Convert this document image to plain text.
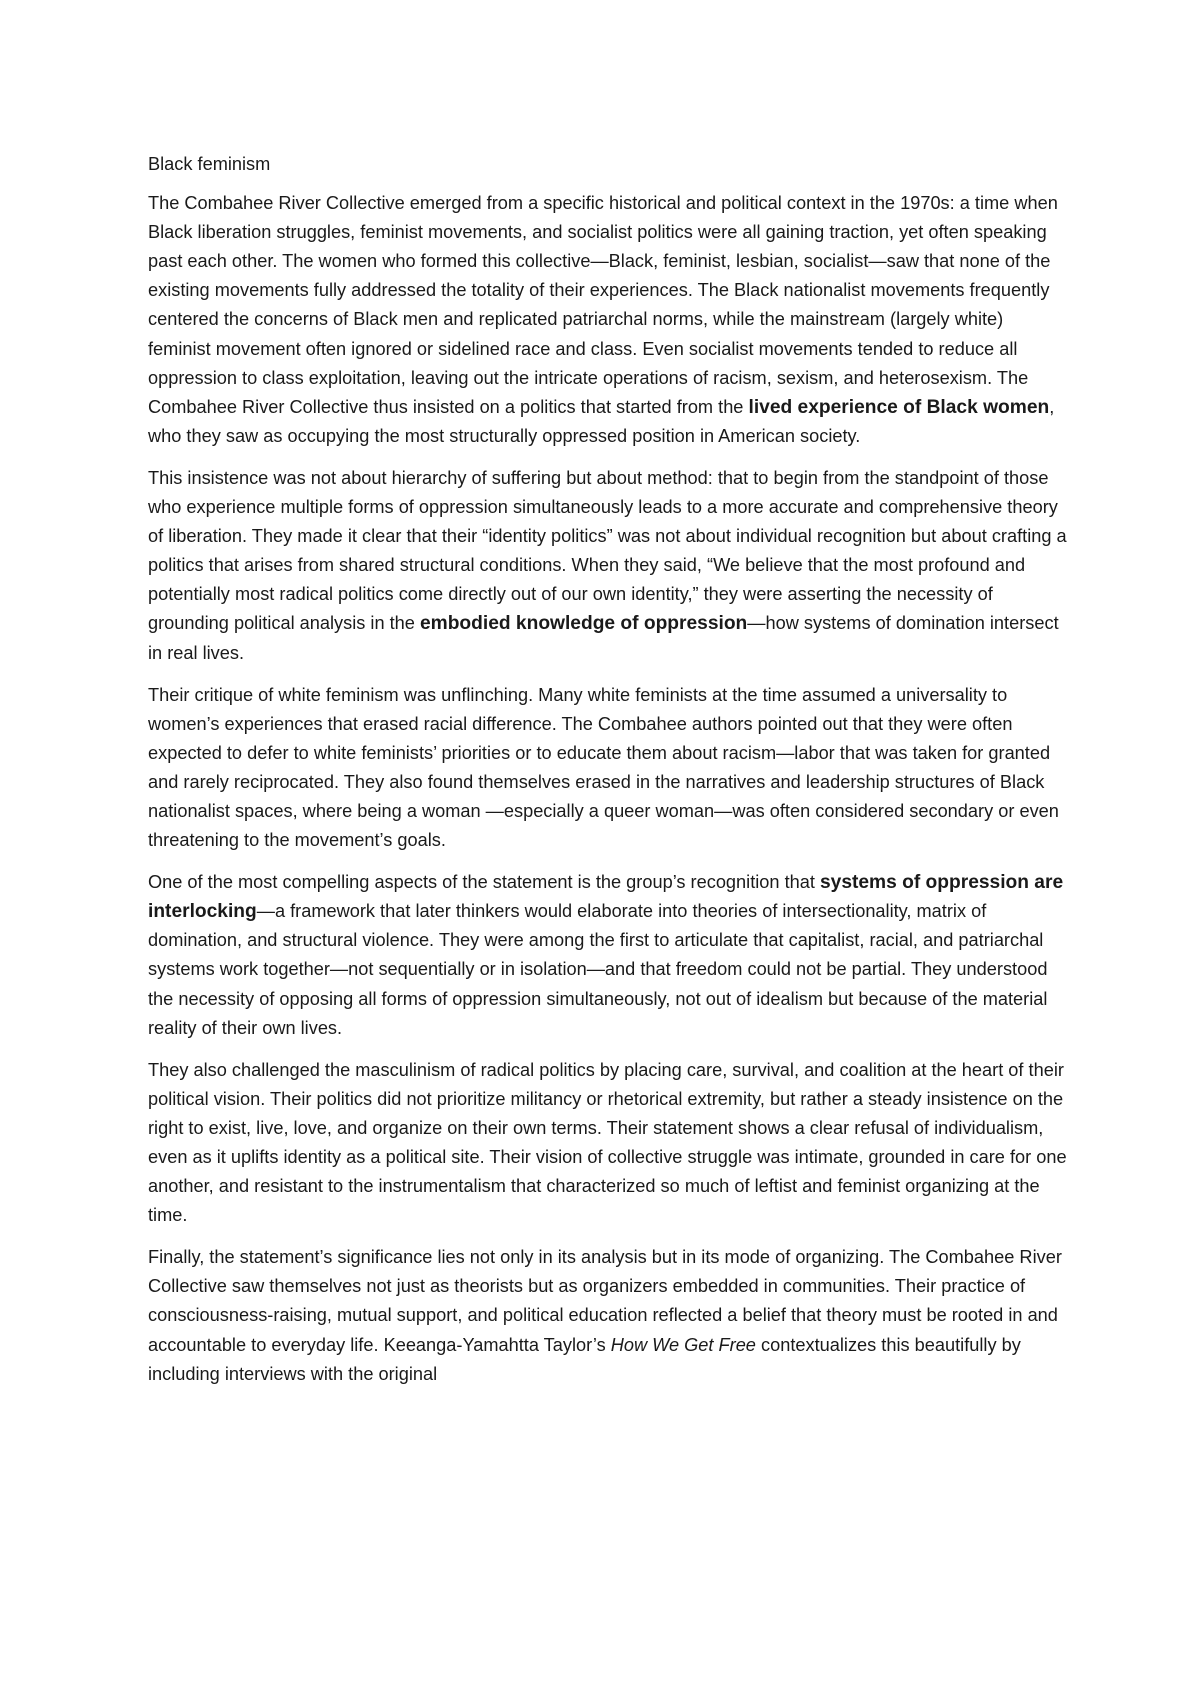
Black feminism

The Combahee River Collective emerged from a specific historical and political context in the 1970s: a time when Black liberation struggles, feminist movements, and socialist politics were all gaining traction, yet often speaking past each other. The women who formed this collective—Black, feminist, lesbian, socialist—saw that none of the existing movements fully addressed the totality of their experiences. The Black nationalist movements frequently centered the concerns of Black men and replicated patriarchal norms, while the mainstream (largely white) feminist movement often ignored or sidelined race and class. Even socialist movements tended to reduce all oppression to class exploitation, leaving out the intricate operations of racism, sexism, and heterosexism. The Combahee River Collective thus insisted on a politics that started from the lived experience of Black women, who they saw as occupying the most structurally oppressed position in American society.

This insistence was not about hierarchy of suffering but about method: that to begin from the standpoint of those who experience multiple forms of oppression simultaneously leads to a more accurate and comprehensive theory of liberation. They made it clear that their “identity politics” was not about individual recognition but about crafting a politics that arises from shared structural conditions. When they said, “We believe that the most profound and potentially most radical politics come directly out of our own identity,” they were asserting the necessity of grounding political analysis in the embodied knowledge of oppression—how systems of domination intersect in real lives.

Their critique of white feminism was unflinching. Many white feminists at the time assumed a universality to women’s experiences that erased racial difference. The Combahee authors pointed out that they were often expected to defer to white feminists’ priorities or to educate them about racism—labor that was taken for granted and rarely reciprocated. They also found themselves erased in the narratives and leadership structures of Black nationalist spaces, where being a woman —especially a queer woman—was often considered secondary or even threatening to the movement’s goals.

One of the most compelling aspects of the statement is the group’s recognition that systems of oppression are interlocking—a framework that later thinkers would elaborate into theories of intersectionality, matrix of domination, and structural violence. They were among the first to articulate that capitalist, racial, and patriarchal systems work together—not sequentially or in isolation—and that freedom could not be partial. They understood the necessity of opposing all forms of oppression simultaneously, not out of idealism but because of the material reality of their own lives.

They also challenged the masculinism of radical politics by placing care, survival, and coalition at the heart of their political vision. Their politics did not prioritize militancy or rhetorical extremity, but rather a steady insistence on the right to exist, live, love, and organize on their own terms. Their statement shows a clear refusal of individualism, even as it uplifts identity as a political site. Their vision of collective struggle was intimate, grounded in care for one another, and resistant to the instrumentalism that characterized so much of leftist and feminist organizing at the time.

Finally, the statement’s significance lies not only in its analysis but in its mode of organizing. The Combahee River Collective saw themselves not just as theorists but as organizers embedded in communities. Their practice of consciousness-raising, mutual support, and political education reflected a belief that theory must be rooted in and accountable to everyday life. Keeanga-Yamahtta Taylor’s How We Get Free contextualizes this beautifully by including interviews with the original
